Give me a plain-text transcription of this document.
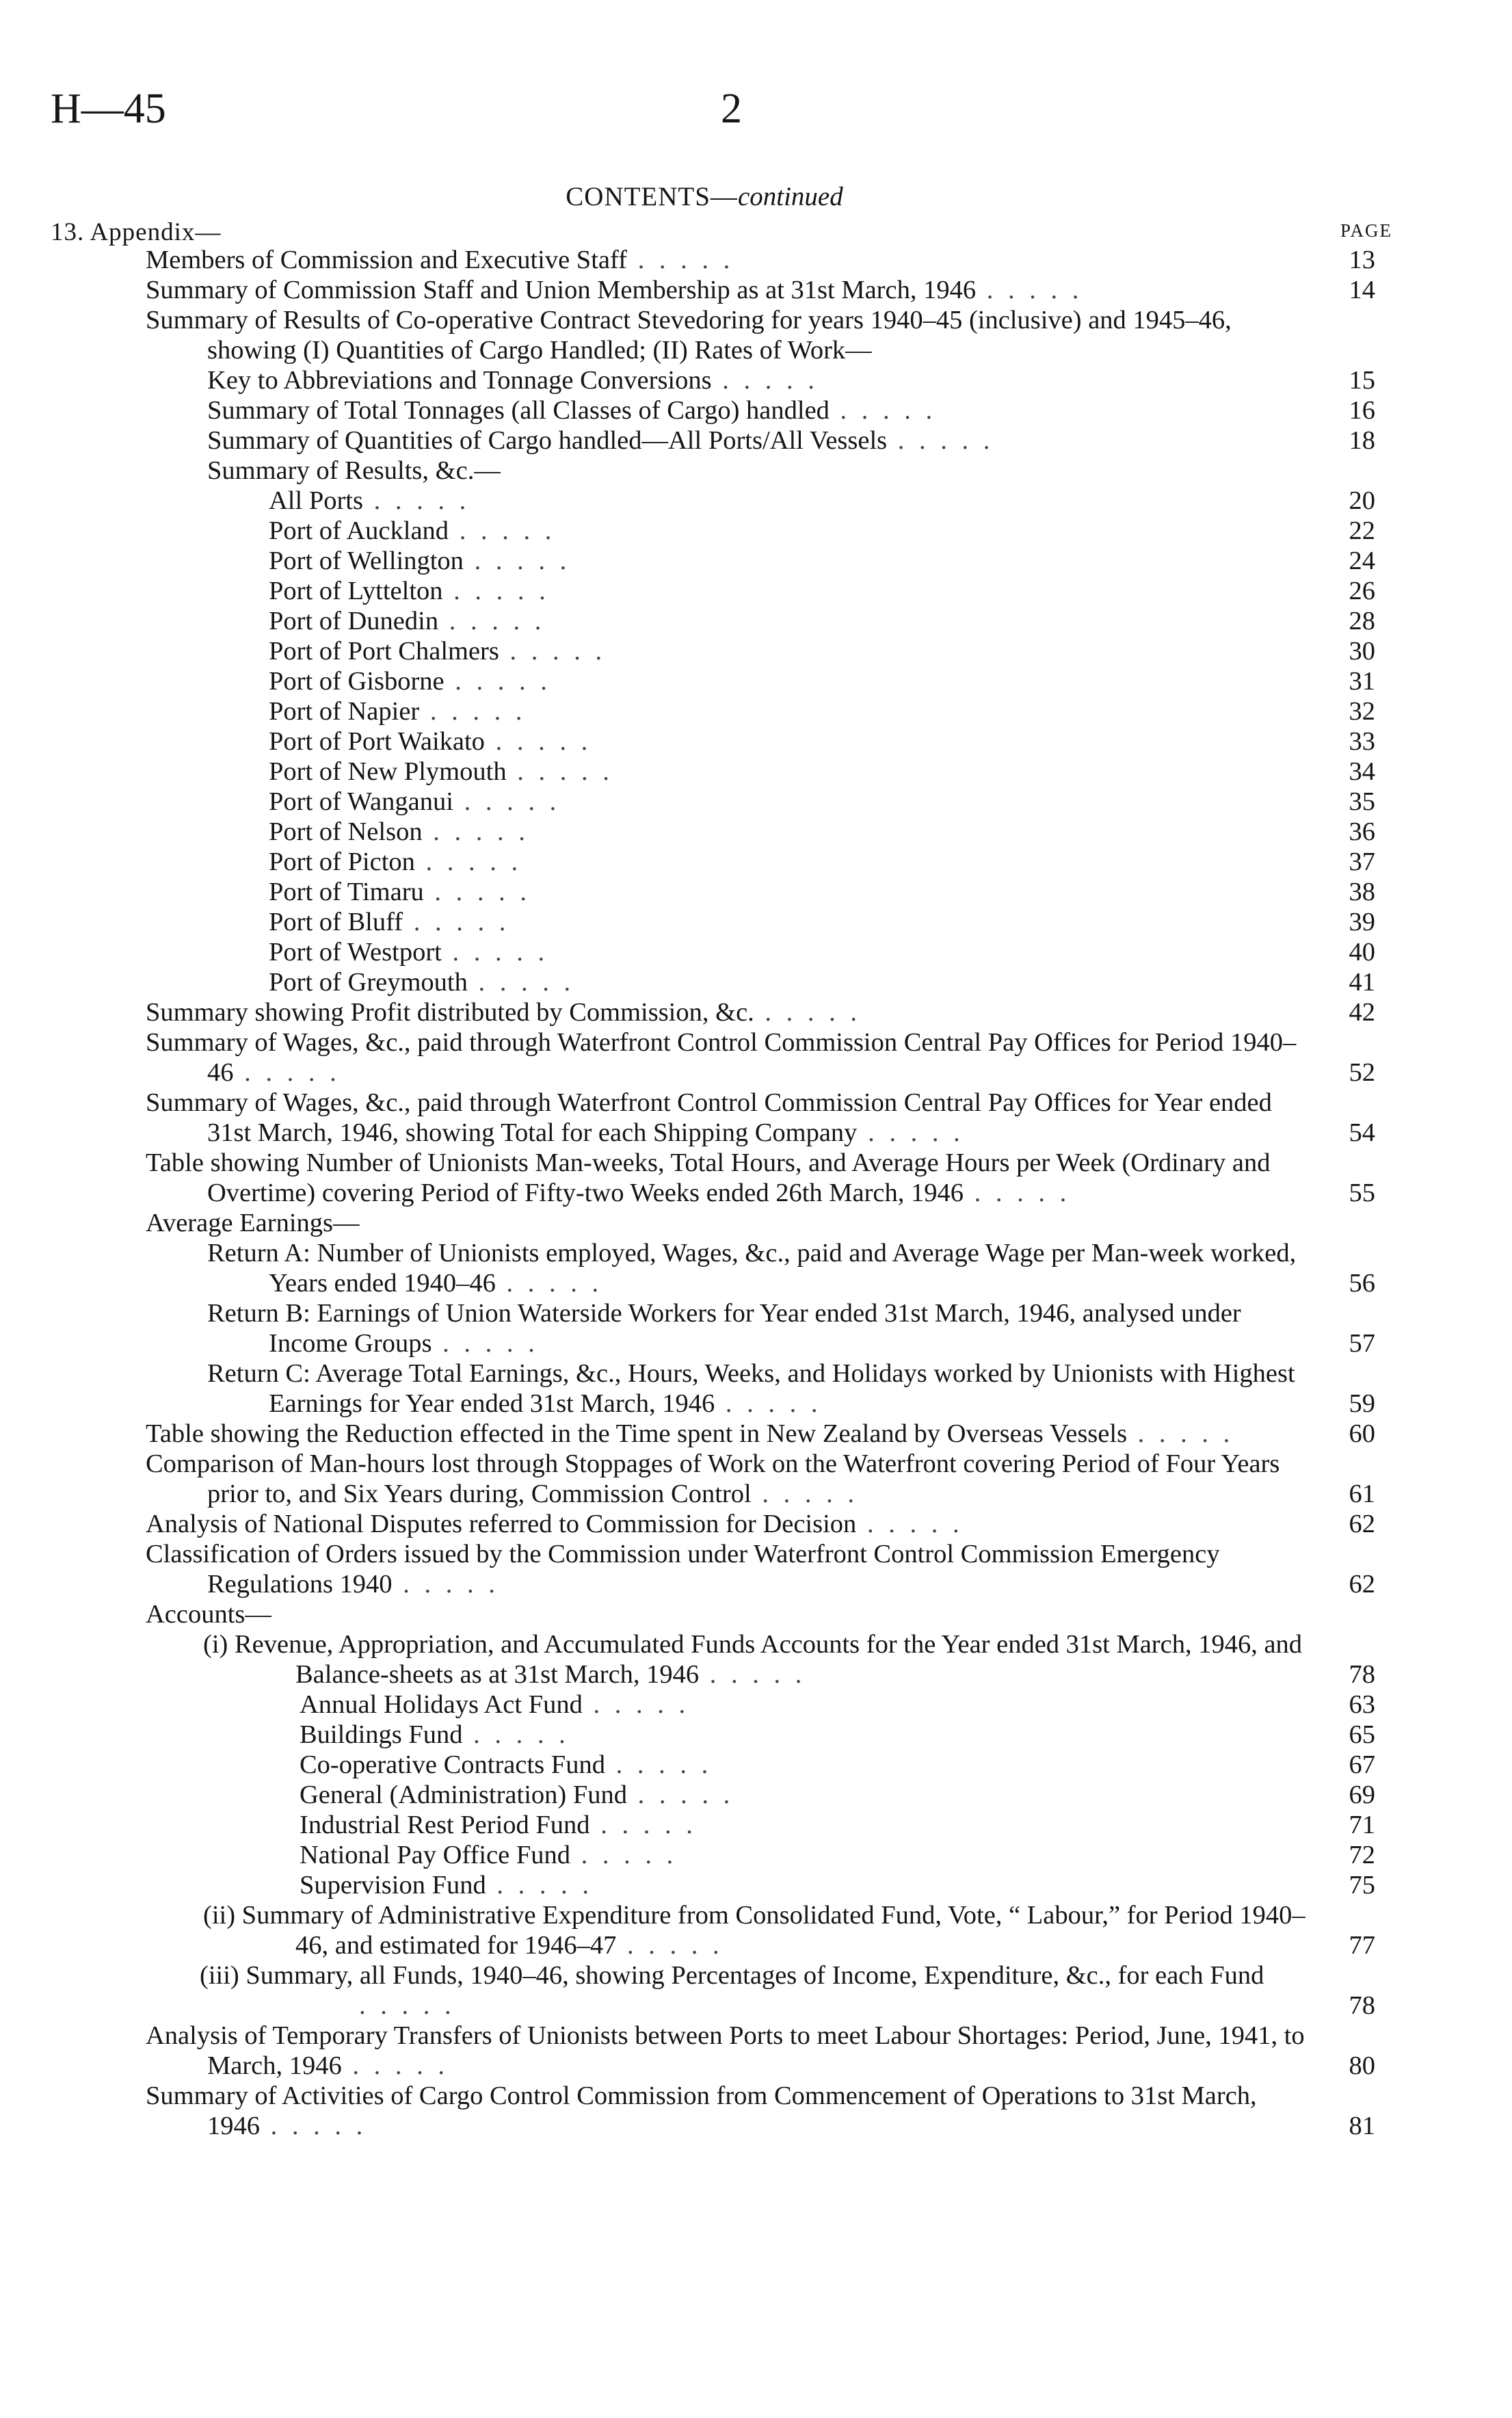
H—45	2
CONTENTS—continued
13. Appendix—	PAGE
Members of Commission and Executive Staff . . . . .	13
Summary of Commission Staff and Union Membership as at 31st March, 1946 . . . . .	14
Summary of Results of Co-operative Contract Stevedoring for years 1940–45 (inclusive) and 1945–46, showing (I) Quantities of Cargo Handled; (II) Rates of Work—
Key to Abbreviations and Tonnage Conversions . . . . .	15
Summary of Total Tonnages (all Classes of Cargo) handled . . . . .	16
Summary of Quantities of Cargo handled—All Ports/All Vessels . . . . .	18
Summary of Results, &c.—
All Ports . . . . .	20
Port of Auckland . . . . .	22
Port of Wellington . . . . .	24
Port of Lyttelton . . . . .	26
Port of Dunedin . . . . .	28
Port of Port Chalmers . . . . .	30
Port of Gisborne . . . . .	31
Port of Napier . . . . .	32
Port of Port Waikato . . . . .	33
Port of New Plymouth . . . . .	34
Port of Wanganui . . . . .	35
Port of Nelson . . . . .	36
Port of Picton . . . . .	37
Port of Timaru . . . . .	38
Port of Bluff . . . . .	39
Port of Westport . . . . .	40
Port of Greymouth . . . . .	41
Summary showing Profit distributed by Commission, &c. . . . . .	42
Summary of Wages, &c., paid through Waterfront Control Commission Central Pay Offices for Period 1940–46 . . . . .	52
Summary of Wages, &c., paid through Waterfront Control Commission Central Pay Offices for Year ended 31st March, 1946, showing Total for each Shipping Company . . . . .	54
Table showing Number of Unionists Man-weeks, Total Hours, and Average Hours per Week (Ordinary and Overtime) covering Period of Fifty-two Weeks ended 26th March, 1946 . . . . .	55
Average Earnings—
Return A: Number of Unionists employed, Wages, &c., paid and Average Wage per Man-week worked, Years ended 1940–46 . . . . .	56
Return B: Earnings of Union Waterside Workers for Year ended 31st March, 1946, analysed under Income Groups . . . . .	57
Return C: Average Total Earnings, &c., Hours, Weeks, and Holidays worked by Unionists with Highest Earnings for Year ended 31st March, 1946 . . . . .	59
Table showing the Reduction effected in the Time spent in New Zealand by Overseas Vessels . . . . .	60
Comparison of Man-hours lost through Stoppages of Work on the Waterfront covering Period of Four Years prior to, and Six Years during, Commission Control . . . . .	61
Analysis of National Disputes referred to Commission for Decision . . . . .	62
Classification of Orders issued by the Commission under Waterfront Control Commission Emergency Regulations 1940 . . . . .	62
Accounts—
(i) Revenue, Appropriation, and Accumulated Funds Accounts for the Year ended 31st March, 1946, and Balance-sheets as at 31st March, 1946 . . . . .	78
Annual Holidays Act Fund . . . . .	63
Buildings Fund . . . . .	65
Co-operative Contracts Fund . . . . .	67
General (Administration) Fund . . . . .	69
Industrial Rest Period Fund . . . . .	71
National Pay Office Fund . . . . .	72
Supervision Fund . . . . .	75
(ii) Summary of Administrative Expenditure from Consolidated Fund, Vote, “ Labour,” for Period 1940–46, and estimated for 1946–47 . . . . .	77
(iii) Summary, all Funds, 1940–46, showing Percentages of Income, Expenditure, &c., for each Fund . . . . .	78
Analysis of Temporary Transfers of Unionists between Ports to meet Labour Shortages: Period, June, 1941, to March, 1946 . . . . .	80
Summary of Activities of Cargo Control Commission from Commencement of Operations to 31st March, 1946 . . . . .	81
